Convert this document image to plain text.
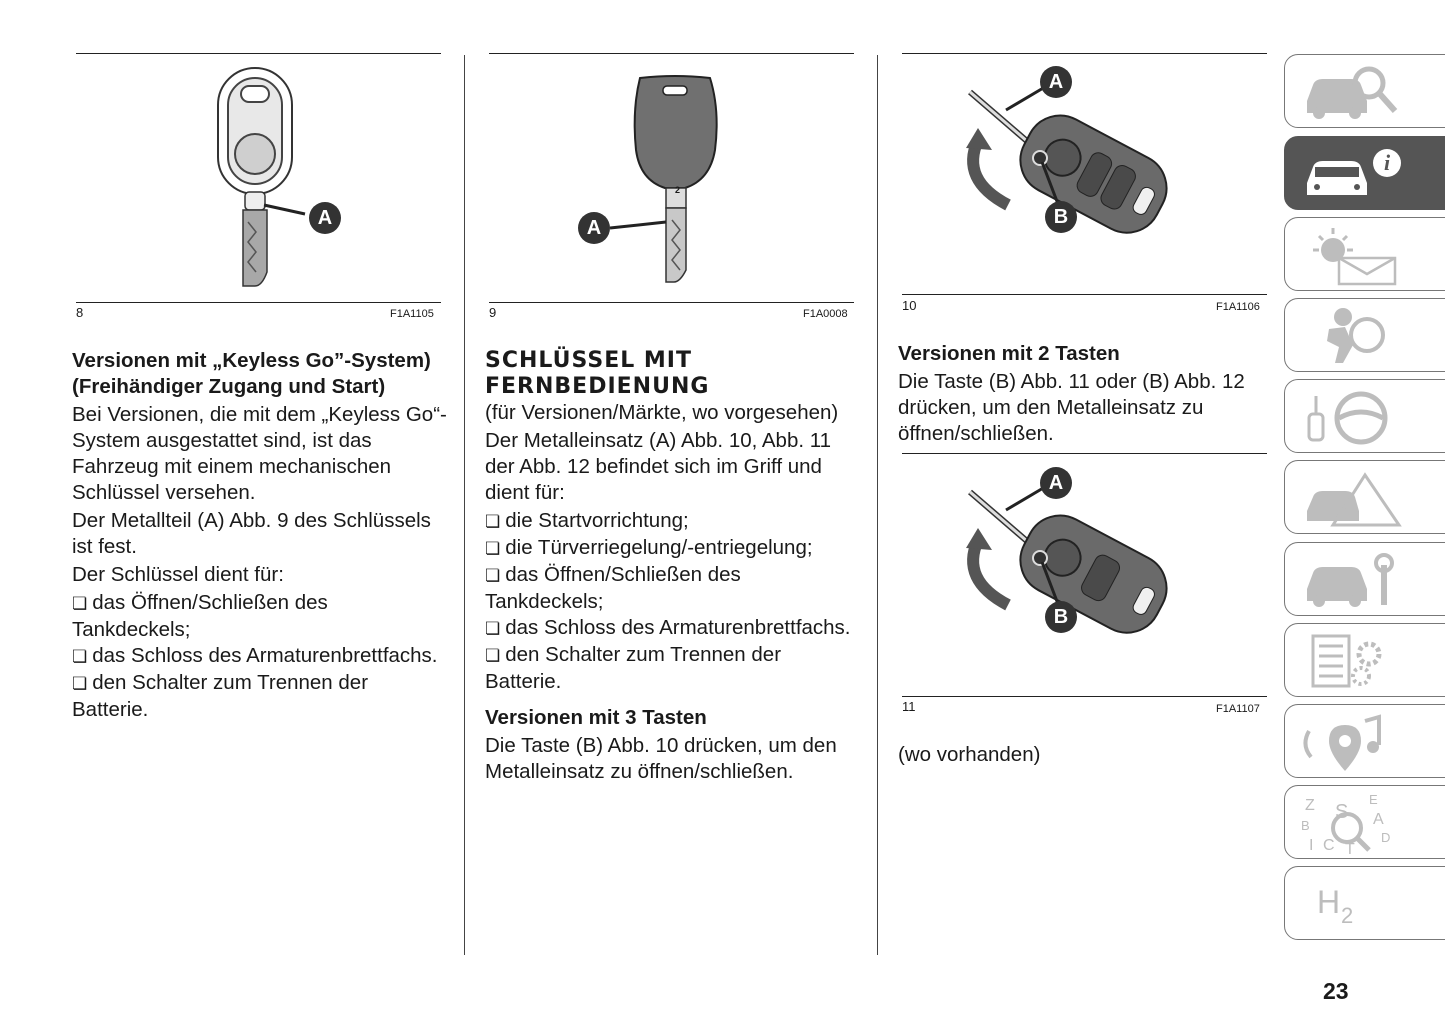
A
8	F1A1105

Versionen mit „Keyless Go”-System) (Freihändiger Zugang und Start)

Bei Versionen, die mit dem „Keyless Go“-System ausgestattet sind, ist das Fahrzeug mit einem mechanischen Schlüssel versehen.

Der Metallteil (A) Abb. 9 des Schlüssels ist fest.

Der Schlüssel dient für:

❏ das Öffnen/Schließen des Tankdeckels;

❏ das Schloss des Armaturenbrettfachs.

❏ den Schalter zum Trennen der Batterie.

2
A
9	F1A0008

SCHLÜSSEL MIT FERNBEDIENUNG

(für Versionen/Märkte, wo vorgesehen)

Der Metalleinsatz (A) Abb. 10, Abb. 11 der Abb. 12 befindet sich im Griff und dient für:

❏ die Startvorrichtung;

❏ die Türverriegelung/-entriegelung;

❏ das Öffnen/Schließen des Tankdeckels;

❏ das Schloss des Armaturenbrettfachs.

❏ den Schalter zum Trennen der Batterie.

Versionen mit 3 Tasten

Die Taste (B) Abb. 10 drücken, um den Metalleinsatz zu öffnen/schließen.

A
B
10	F1A1106

Versionen mit 2 Tasten

Die Taste (B) Abb. 11 oder (B) Abb. 12 drücken, um den Metalleinsatz zu öffnen/schließen.

A
B
11	F1A1107

(wo vorhanden)

i
Z	E
S A
B
D
I C T
H 2
23
